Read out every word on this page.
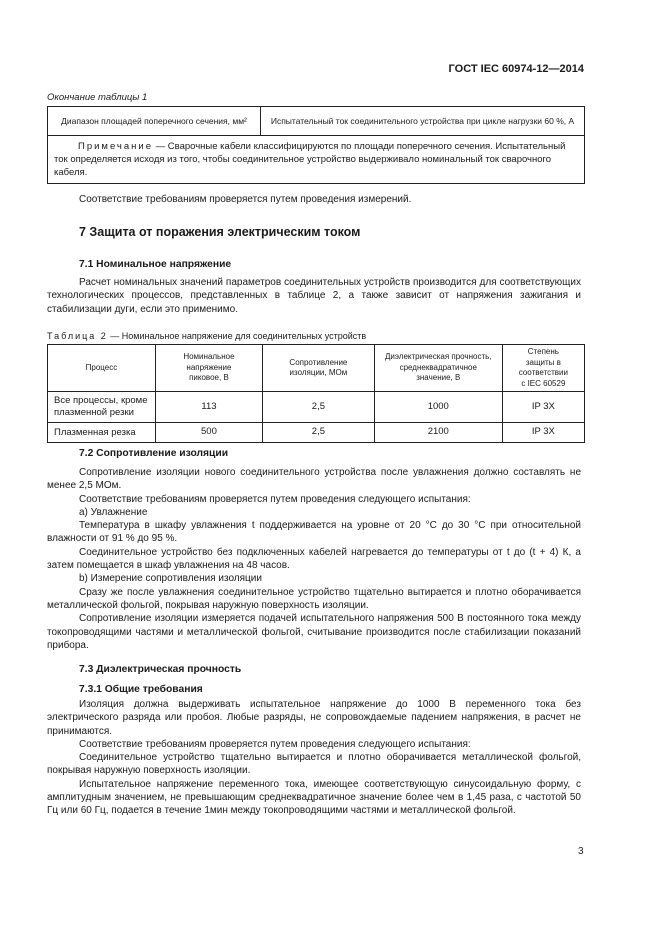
ГОСТ IEC 60974-12—2014
Окончание таблицы 1
Диапазон площадей поперечного сечения, мм²	Испытательный ток соединительного устройства при цикле нагрузки 60 %, А
Примечание — Сварочные кабели классифицируются по площади поперечного сечения. Испытательный ток определяется исходя из того, чтобы соединительное устройство выдерживало номинальный ток сварочного кабеля.
Соответствие требованиям проверяется путем проведения измерений.
7 Защита от поражения электрическим током
7.1 Номинальное напряжение
Расчет номинальных значений параметров соединительных устройств производится для соответствующих технологических процессов, представленных в таблице 2, а также зависит от напряжения зажигания и стабилизации дуги, если это применимо.
Таблица 2 — Номинальное напряжение для соединительных устройств
Процесс	Номинальное напряжение пиковое, В	Сопротивление изоляции, МОм	Диэлектрическая прочность, среднеквадратичное значение, В	Степень защиты в соответствии с IEC 60529
Все процессы, кроме плазменной резки	113	2,5	1000	IP 3X
Плазменная резка	500	2,5	2100	IP 3X
7.2 Сопротивление изоляции
Сопротивление изоляции нового соединительного устройства после увлажнения должно составлять не менее 2,5 МОм.
Соответствие требованиям проверяется путем проведения следующего испытания:
а) Увлажнение
Температура в шкафу увлажнения t поддерживается на уровне от 20 °С до 30 °С при относительной влажности от 91 % до 95 %.
Соединительное устройство без подключенных кабелей нагревается до температуры от t до (t + 4) К, а затем помещается в шкаф увлажнения на 48 часов.
b) Измерение сопротивления изоляции
Сразу же после увлажнения соединительное устройство тщательно вытирается и плотно оборачивается металлической фольгой, покрывая наружную поверхность изоляции.
Сопротивление изоляции измеряется подачей испытательного напряжения 500 В постоянного тока между токопроводящими частями и металлической фольгой, считывание производится после стабилизации показаний прибора.
7.3 Диэлектрическая прочность
7.3.1 Общие требования
Изоляция должна выдерживать испытательное напряжение до 1000 В переменного тока без электрического разряда или пробоя. Любые разряды, не сопровождаемые падением напряжения, в расчет не принимаются.
Соответствие требованиям проверяется путем проведения следующего испытания:
Соединительное устройство тщательно вытирается и плотно оборачивается металлической фольгой, покрывая наружную поверхность изоляции.
Испытательное напряжение переменного тока, имеющее соответствующую синусоидальную форму, с амплитудным значением, не превышающим среднеквадратичное значение более чем в 1,45 раза, с частотой 50 Гц или 60 Гц, подается в течение 1мин между токопроводящими частями и металлической фольгой.
3
